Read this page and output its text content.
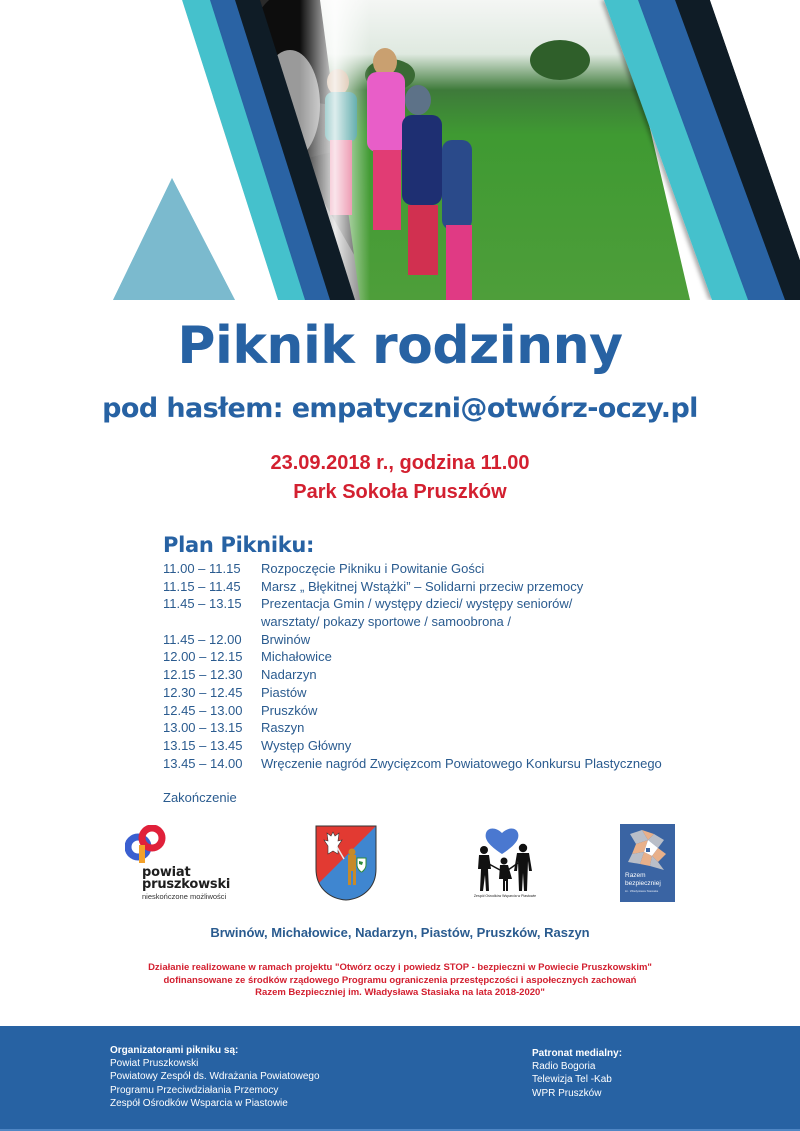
Piknik rodzinny
pod hasłem: empatyczni@otwórz-oczy.pl
23.09.2018 r., godzina 11.00
Park Sokoła Pruszków
Plan Pikniku:
11.00 – 11.15	Rozpoczęcie Pikniku i Powitanie Gości
11.15 – 11.45	Marsz „ Błękitnej Wstążki” – Solidarni przeciw przemocy
11.45 – 13.15	Prezentacja Gmin / występy dzieci/ występy seniorów/
warsztaty/ pokazy sportowe / samoobrona /
11.45 – 12.00	Brwinów
12.00 – 12.15	Michałowice
12.15 – 12.30	Nadarzyn
12.30 – 12.45	Piastów
12.45 – 13.00	Pruszków
13.00 – 13.15	Raszyn
13.15 – 13.45	Występ Główny
13.45 – 14.00	Wręczenie nagród Zwycięzcom Powiatowego Konkursu Plastycznego
Zakończenie
powiat
pruszkowski
nieskończone możliwości	Zespół Ośrodków Wsparcia w Piastowie
Razem
bezpieczniej
im. Władysława Stasiaka
Brwinów, Michałowice, Nadarzyn, Piastów, Pruszków, Raszyn
Działanie realizowane w ramach projektu "Otwórz oczy i powiedz STOP - bezpieczni w Powiecie Pruszkowskim"
dofinansowane ze środków rządowego Programu ograniczenia przestępczości i aspołecznych zachowań
Razem Bezpieczniej im. Władysława Stasiaka na lata 2018-2020"
Organizatorami pikniku są:
Powiat Pruszkowski
Powiatowy Zespół ds. Wdrażania Powiatowego
Programu Przeciwdziałania Przemocy
Zespół Ośrodków Wsparcia w Piastowie
Patronat medialny:
Radio Bogoria
Telewizja Tel -Kab
WPR Pruszków
